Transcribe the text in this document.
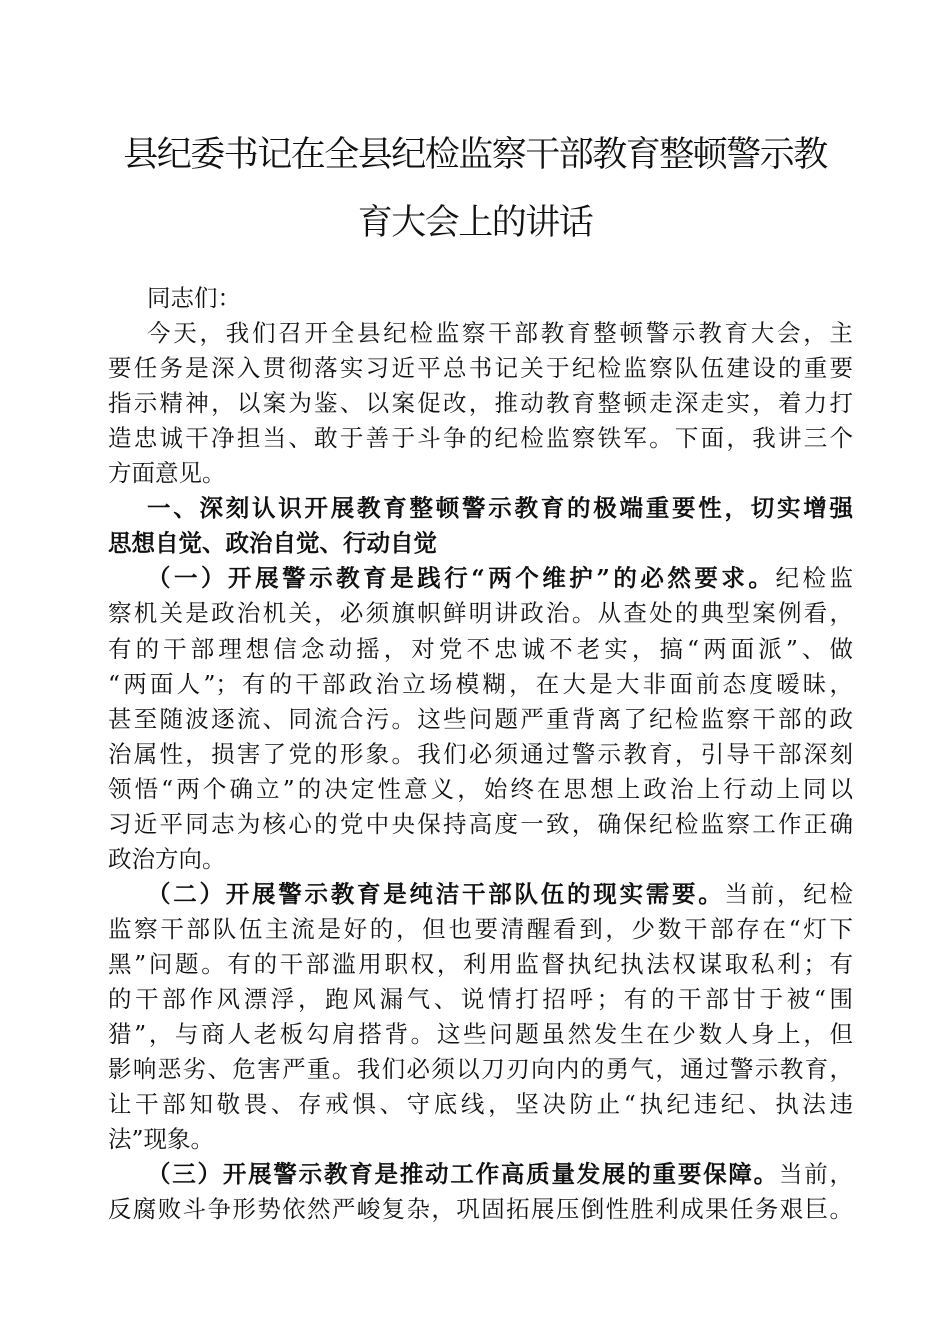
县纪委书记在全县纪检监察干部教育整顿警示教
育大会上的讲话
同志们：
今天，我们召开全县纪检监察干部教育整顿警示教育大会，主
要任务是深入贯彻落实习近平总书记关于纪检监察队伍建设的重要
指示精神，以案为鉴、以案促改，推动教育整顿走深走实，着力打
造忠诚干净担当、敢于善于斗争的纪检监察铁军。下面，我讲三个
方面意见。
一、深刻认识开展教育整顿警示教育的极端重要性，切实增强
思想自觉、政治自觉、行动自觉
（一）开展警示教育是践行“两个维护”的必然要求。纪检监
察机关是政治机关，必须旗帜鲜明讲政治。从查处的典型案例看，
有的干部理想信念动摇，对党不忠诚不老实，搞“两面派”、做
“两面人”；有的干部政治立场模糊，在大是大非面前态度暧昧，
甚至随波逐流、同流合污。这些问题严重背离了纪检监察干部的政
治属性，损害了党的形象。我们必须通过警示教育，引导干部深刻
领悟“两个确立”的决定性意义，始终在思想上政治上行动上同以
习近平同志为核心的党中央保持高度一致，确保纪检监察工作正确
政治方向。
（二）开展警示教育是纯洁干部队伍的现实需要。当前，纪检
监察干部队伍主流是好的，但也要清醒看到，少数干部存在“灯下
黑”问题。有的干部滥用职权，利用监督执纪执法权谋取私利；有
的干部作风漂浮，跑风漏气、说情打招呼；有的干部甘于被“围
猎”，与商人老板勾肩搭背。这些问题虽然发生在少数人身上，但
影响恶劣、危害严重。我们必须以刀刃向内的勇气，通过警示教育，
让干部知敬畏、存戒惧、守底线，坚决防止“执纪违纪、执法违
法”现象。
（三）开展警示教育是推动工作高质量发展的重要保障。当前，
反腐败斗争形势依然严峻复杂，巩固拓展压倒性胜利成果任务艰巨。
